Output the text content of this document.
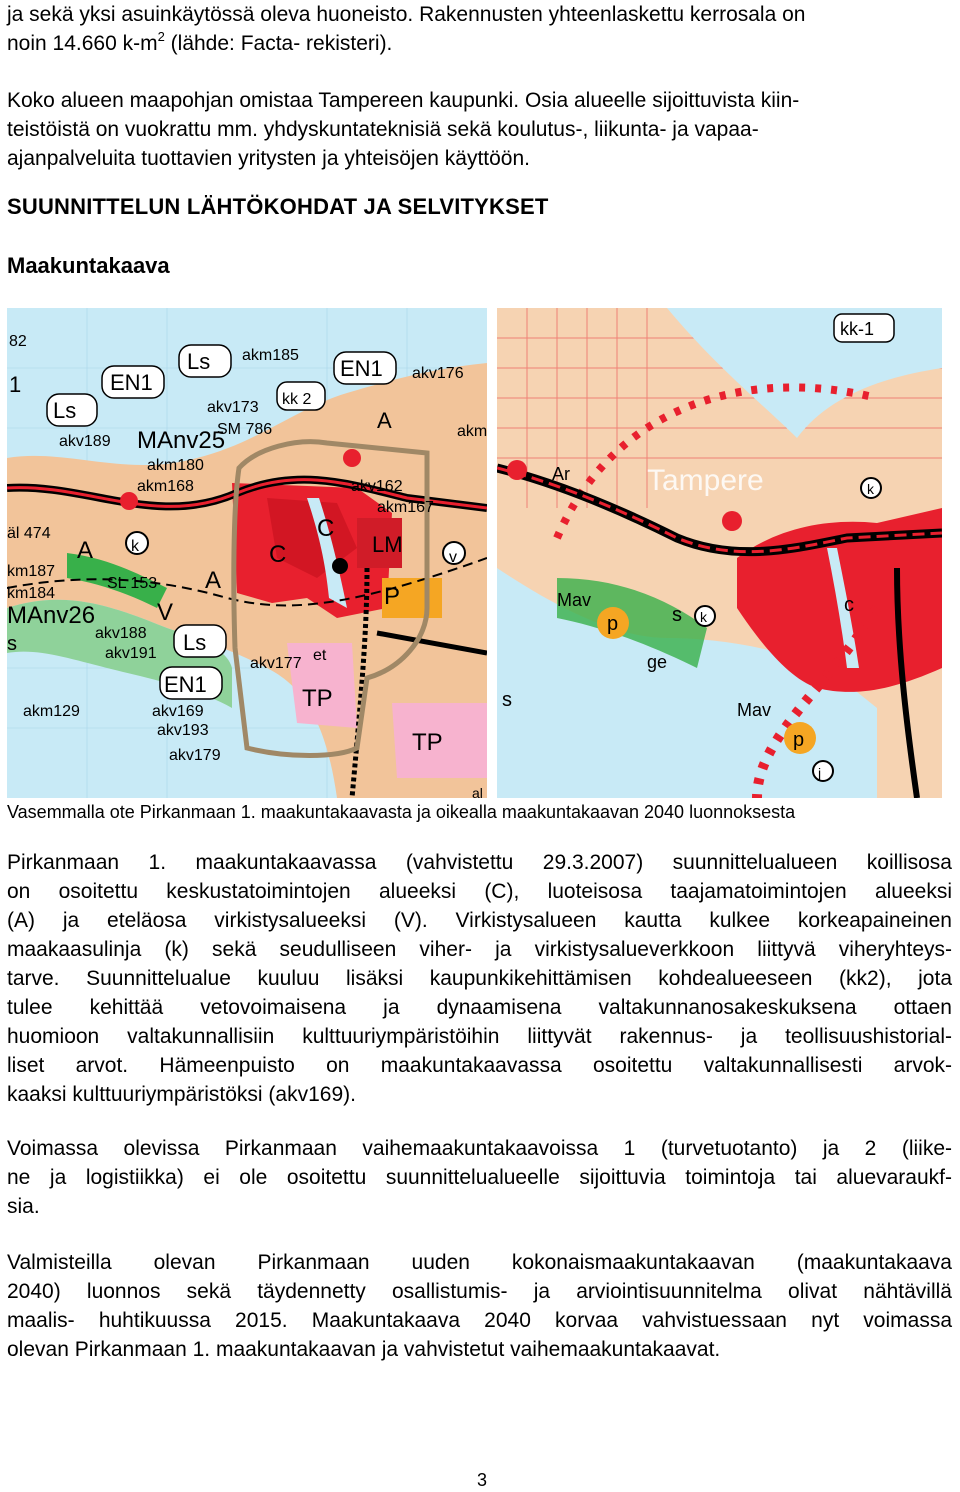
ja sekä yksi asuinkäytössä oleva huoneisto. Rakennusten yhteenlaskettu kerrosala on
noin 14.660 $k-m^2$ (lähde: Facta- rekisteri).

Koko alueen maapohjan omistaa Tampereen kaupunki. Osia alueelle sijoittuvista kiin-
teistöistä on vuokrattu mm. yhdyskuntateknisiä sekä koulutus-, liikunta- ja vapaa-
ajanpalveluita tuottavien yritysten ja yhteisöjen käyttöön.

SUUNNITTELUN LÄHTÖKOHDAT JA SELVITYKSET
Maakuntakaava
82
1	EN1
Ls akm185
EN1 akv176
Ls	akv173 kk 2
A	akm
akv189 MAnv25
SM 786
akm180
akm168	akv162
akm167
äl 474	C
C	LM
k
A	v
km187
km184
SL 153 A
P
MAnv26	V
s	akv188
akv191 Ls
akv177 et
EN1
TP
akm129	akv169
akv193
akv179	TP
al
kk-1
Tampere
Ar
k
Mav
p	s k
c
ge
s	Mav
p
j

Vasemmalla ote Pirkanmaan 1. maakuntakaavasta ja oikealla maakuntakaavan 2040 luonnoksesta

Pirkanmaan 1. maakuntakaavassa (vahvistettu 29.3.2007) suunnittelualueen koillisosa
on osoitettu keskustatoimintojen alueeksi (C), luoteisosa taajamatoimintojen alueeksi
(A) ja eteläosa virkistysalueeksi (V). Virkistysalueen kautta kulkee korkeapaineinen
maakaasulinja (k) sekä seudulliseen viher- ja virkistysalueverkkoon liittyvä viheryhteys-
tarve. Suunnittelualue kuuluu lisäksi kaupunkikehittämisen kohdealueeseen (kk2), jota
tulee kehittää vetovoimaisena ja dynaamisena valtakunnanosakeskuksena ottaen
huomioon valtakunnallisiin kulttuuriympäristöihin liittyvät rakennus- ja teollisuushistorial-
liset arvot. Hämeenpuisto on maakuntakaavassa osoitettu valtakunnallisesti arvok-
kaaksi kulttuuriympäristöksi (akv169).

Voimassa olevissa Pirkanmaan vaihemaakuntakaavoissa 1 (turvetuotanto) ja 2 (liike-
ne ja logistiikka) ei ole osoitettu suunnittelualueelle sijoittuvia toimintoja tai aluevaraukf-
sia.

Valmisteilla olevan Pirkanmaan uuden kokonaismaakuntakaavan (maakuntakaava
2040) luonnos sekä täydennetty osallistumis- ja arviointisuunnitelma olivat nähtävillä
maalis- huhtikuussa 2015. Maakuntakaava 2040 korvaa vahvistuessaan nyt voimassa
olevan Pirkanmaan 1. maakuntakaavan ja vahvistetut vaihemaakuntakaavat.

3
